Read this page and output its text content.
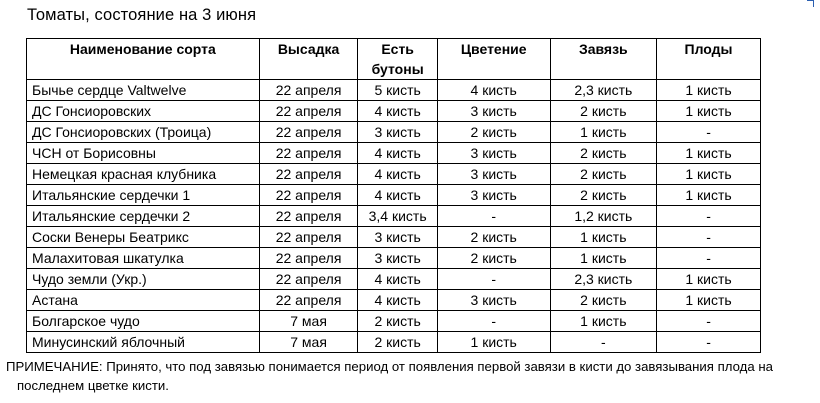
Томаты, состояние на 3 июня
Наименование сорта	Высадка	Есть бутоны	Цветение	Завязь	Плоды
Бычье сердце Valtwelve	22 апреля	5 кисть	4 кисть	2,3 кисть	1 кисть
ДС Гонсиоровских	22 апреля	4 кисть	3 кисть	2 кисть	1 кисть
ДС Гонсиоровских (Троица)	22 апреля	3 кисть	2 кисть	1 кисть	-
ЧСН от Борисовны	22 апреля	4 кисть	3 кисть	2 кисть	1 кисть
Немецкая красная клубника	22 апреля	4 кисть	3 кисть	2 кисть	1 кисть
Итальянские сердечки 1	22 апреля	4 кисть	3 кисть	2 кисть	1 кисть
Итальянские сердечки 2	22 апреля	3,4 кисть	-	1,2 кисть	-
Соски Венеры Беатрикс	22 апреля	3 кисть	2 кисть	1 кисть	-
Малахитовая шкатулка	22 апреля	3 кисть	2 кисть	1 кисть	-
Чудо земли (Укр.)	22 апреля	4 кисть	-	2,3 кисть	1 кисть
Астана	22 апреля	4 кисть	3 кисть	2 кисть	1 кисть
Болгарское чудо	7 мая	2 кисть	-	1 кисть	-
Минусинский яблочный	7 мая	2 кисть	1 кисть	-	-
ПРИМЕЧАНИЕ: Принято, что под завязью понимается период от появления первой завязи в кисти до завязывания плода на
последнем цветке кисти.
